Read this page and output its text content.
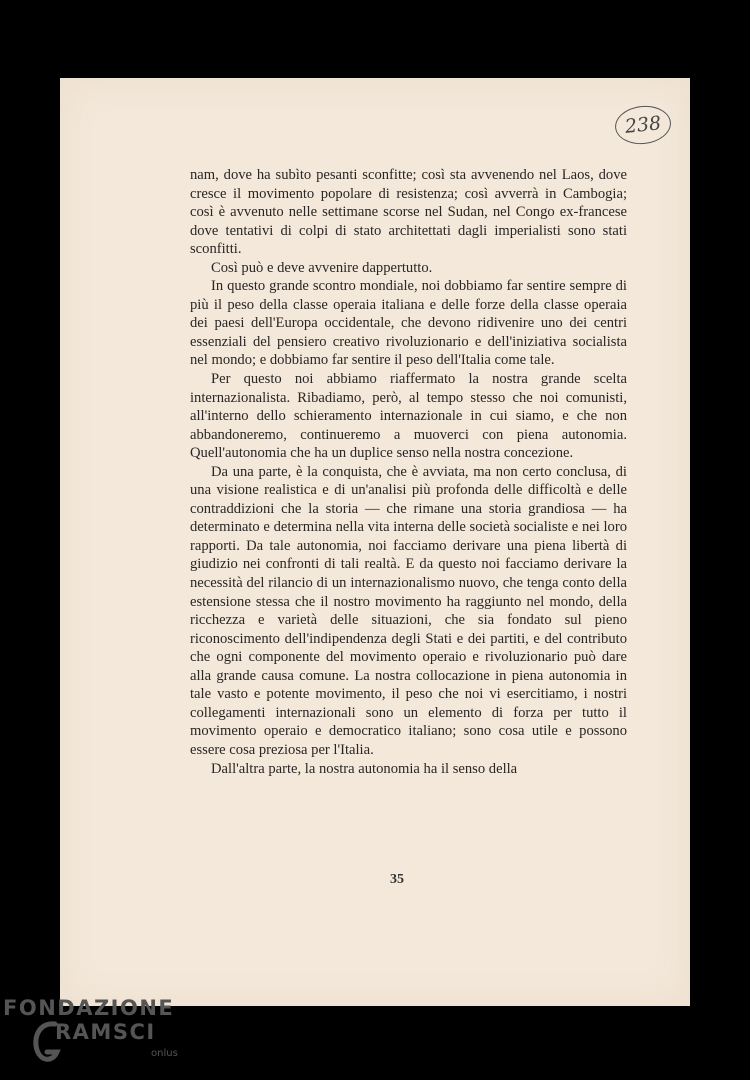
238

nam, dove ha subìto pesanti sconfitte; così sta avvenendo nel Laos, dove cresce il movimento popolare di resistenza; così avverrà in Cambogia; così è avvenuto nelle settimane scorse nel Sudan, nel Congo ex-francese dove tentativi di colpi di stato architettati dagli imperialisti sono stati sconfitti.

Così può e deve avvenire dappertutto.

In questo grande scontro mondiale, noi dobbiamo far sentire sempre di più il peso della classe operaia italiana e delle forze della classe operaia dei paesi dell'Europa occidentale, che devono ridivenire uno dei centri essenziali del pensiero creativo rivoluzionario e dell'iniziativa socialista nel mondo; e dobbiamo far sentire il peso dell'Italia come tale.

Per questo noi abbiamo riaffermato la nostra grande scelta internazionalista. Ribadiamo, però, al tempo stesso che noi comunisti, all'interno dello schieramento internazionale in cui siamo, e che non abbandoneremo, continueremo a muoverci con piena autonomia. Quell'autonomia che ha un duplice senso nella nostra concezione.

Da una parte, è la conquista, che è avviata, ma non certo conclusa, di una visione realistica e di un'analisi più profonda delle difficoltà e delle contraddizioni che la storia — che rimane una storia grandiosa — ha determinato e determina nella vita interna delle società socialiste e nei loro rapporti. Da tale autonomia, noi facciamo derivare una piena libertà di giudizio nei confronti di tali realtà. E da questo noi facciamo derivare la necessità del rilancio di un internazionalismo nuovo, che tenga conto della estensione stessa che il nostro movimento ha raggiunto nel mondo, della ricchezza e varietà delle situazioni, che sia fondato sul pieno riconoscimento dell'indipendenza degli Stati e dei partiti, e del contributo che ogni componente del movimento operaio e rivoluzionario può dare alla grande causa comune. La nostra collocazione in piena autonomia in tale vasto e potente movimento, il peso che noi vi esercitiamo, i nostri collegamenti internazionali sono un elemento di forza per tutto il movimento operaio e democratico italiano; sono cosa utile e possono essere cosa preziosa per l'Italia.

Dall'altra parte, la nostra autonomia ha il senso della

35
FONDAZIONE
RAMSCI
onlus
